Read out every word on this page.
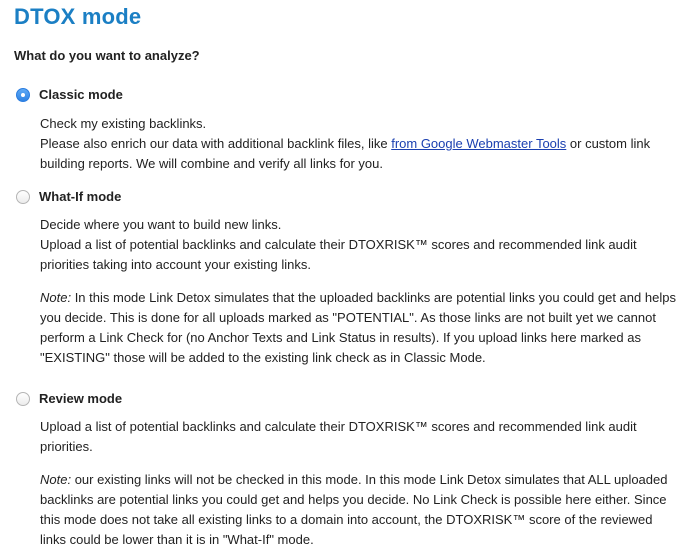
DTOX mode
What do you want to analyze?
Classic mode

Check my existing backlinks.

Please also enrich our data with additional backlink files, like from Google Webmaster Tools or custom link building reports. We will combine and verify all links for you.

What-If mode

Decide where you want to build new links.

Upload a list of potential backlinks and calculate their DTOXRISK™ scores and recommended link audit priorities taking into account your existing links.

Note: In this mode Link Detox simulates that the uploaded backlinks are potential links you could get and helps you decide. This is done for all uploads marked as "POTENTIAL". As those links are not built yet we cannot perform a Link Check for (no Anchor Texts and Link Status in results). If you upload links here marked as "EXISTING" those will be added to the existing link check as in Classic Mode.

Review mode

Upload a list of potential backlinks and calculate their DTOXRISK™ scores and recommended link audit priorities.

Note: our existing links will not be checked in this mode. In this mode Link Detox simulates that ALL uploaded backlinks are potential links you could get and helps you decide. No Link Check is possible here either. Since this mode does not take all existing links to a domain into account, the DTOXRISK™ score of the reviewed links could be lower than it is in "What-If" mode.
